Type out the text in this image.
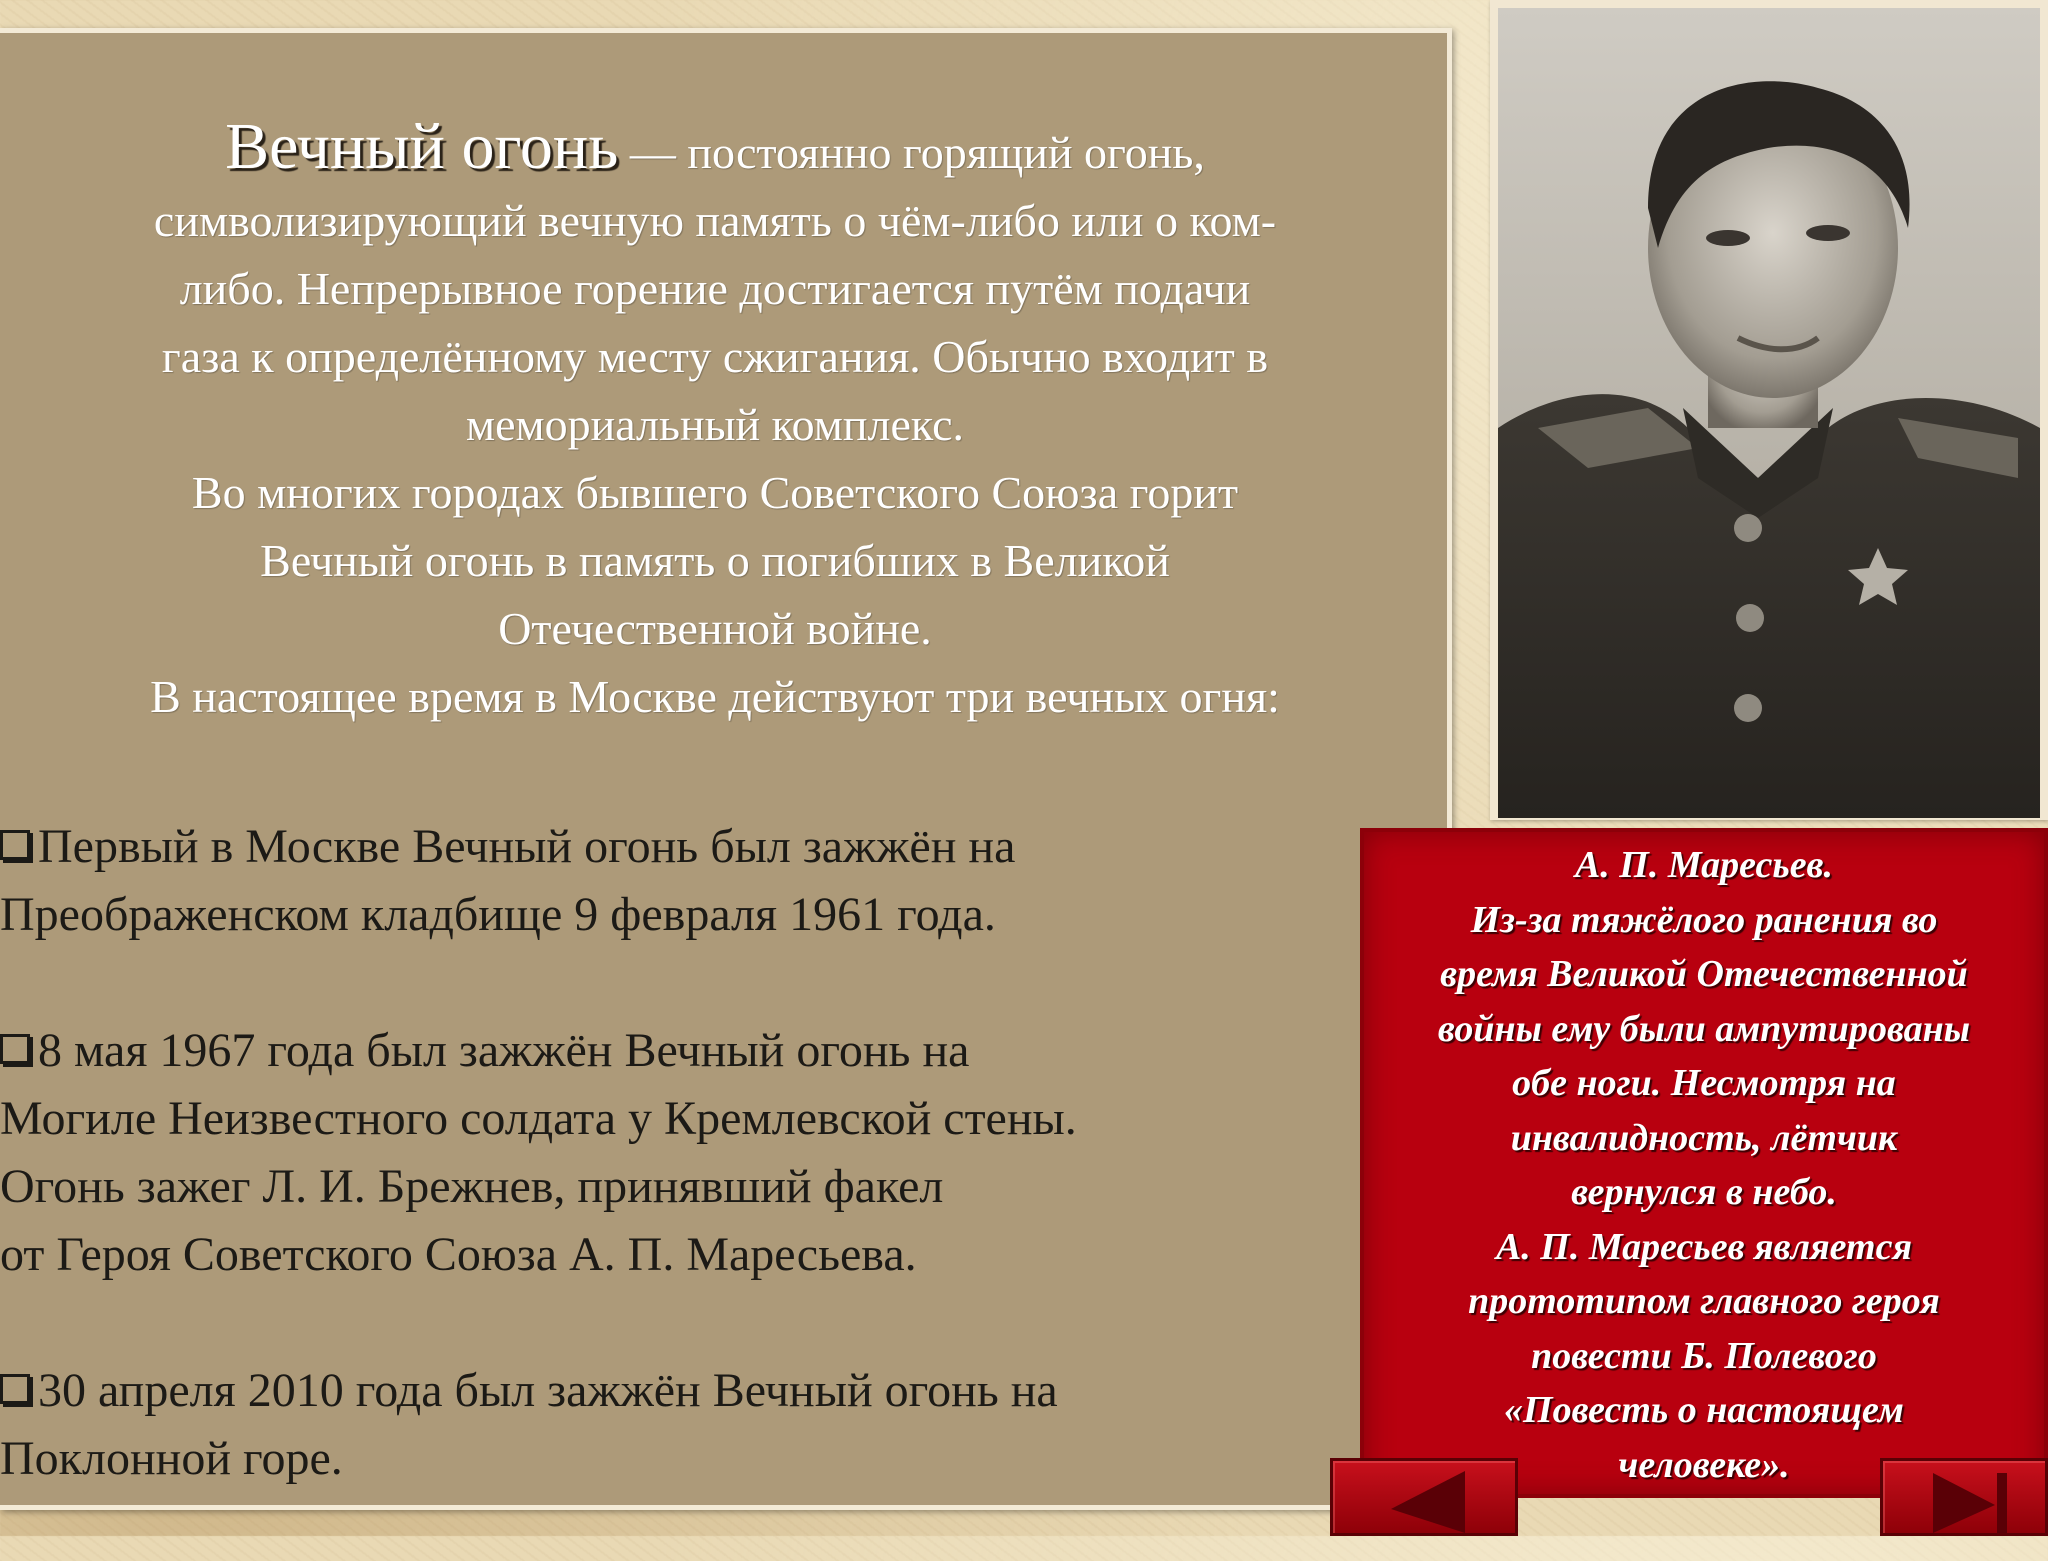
Вечный огонь — постоянно горящий огонь,
символизирующий вечную память о чём-либо или о ком-
либо. Непрерывное горение достигается путём подачи
газа к определённому месту сжигания. Обычно входит в
мемориальный комплекс.
Во многих городах бывшего Советского Союза горит
Вечный огонь в память о погибших в Великой
Отечественной войне.
В настоящее время в Москве действуют три вечных огня:
Первый в Москве Вечный огонь был зажжён на
Преображенском кладбище 9 февраля 1961 года.
8 мая 1967 года был зажжён Вечный огонь на
Могиле Неизвестного солдата у Кремлевской стены.
Огонь зажег Л. И. Брежнев, принявший факел
от Героя Советского Союза А. П. Маресьева.
30 апреля 2010 года был зажжён Вечный огонь на
Поклонной горе.
А. П. Маресьев.
Из-за тяжёлого ранения во
время Великой Отечественной
войны ему были ампутированы
обе ноги. Несмотря на
инвалидность, лётчик
вернулся в небо.
А. П. Маресьев является
прототипом главного героя
повести Б. Полевого
«Повесть о настоящем
человеке».
